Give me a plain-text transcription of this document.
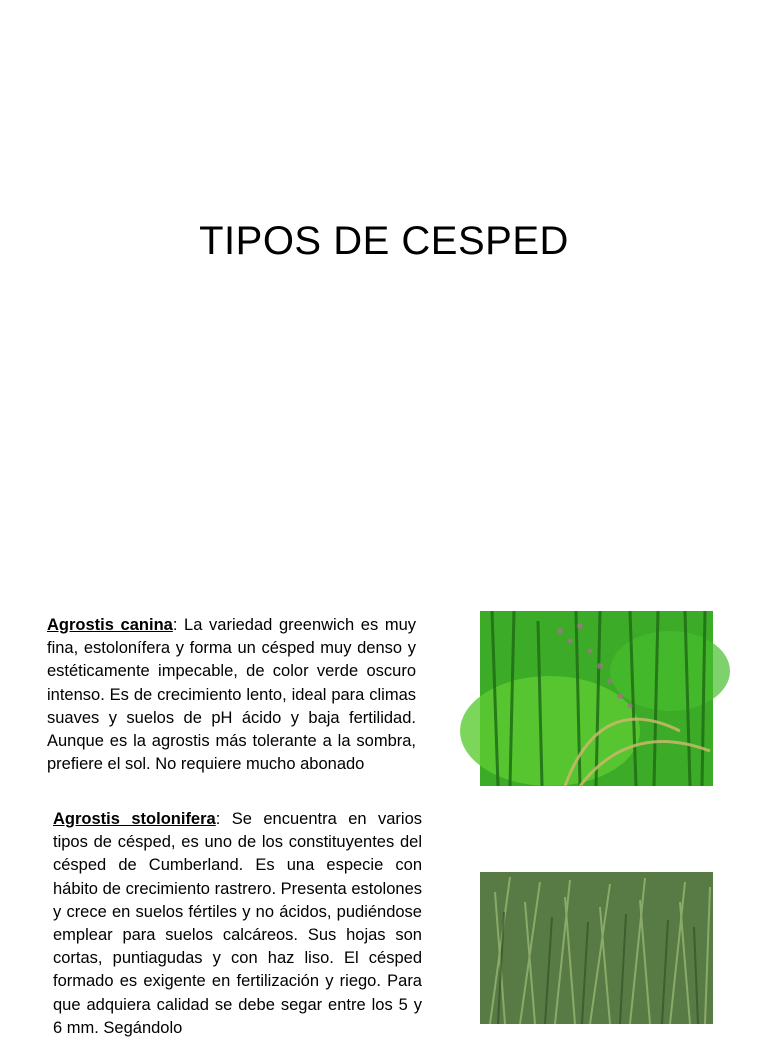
TIPOS DE CESPED
Agrostis canina: La variedad greenwich es muy fina, estolonífera y forma un césped muy denso y estéticamente impecable, de color verde oscuro intenso. Es de crecimiento lento, ideal para climas suaves y suelos de pH ácido y baja fertilidad. Aunque es la agrostis más tolerante a la sombra, prefiere el sol. No requiere mucho abonado
Agrostis stolonifera: Se encuentra en varios tipos de césped, es uno de los constituyentes del césped de Cumberland. Es una especie con hábito de crecimiento rastrero. Presenta estolones y crece en suelos fértiles y no ácidos, pudiéndose emplear para suelos calcáreos. Sus hojas son cortas, puntiagudas y con haz liso. El césped formado es exigente en fertilización y riego. Para que adquiera calidad se debe segar entre los 5 y 6 mm. Segándolo
